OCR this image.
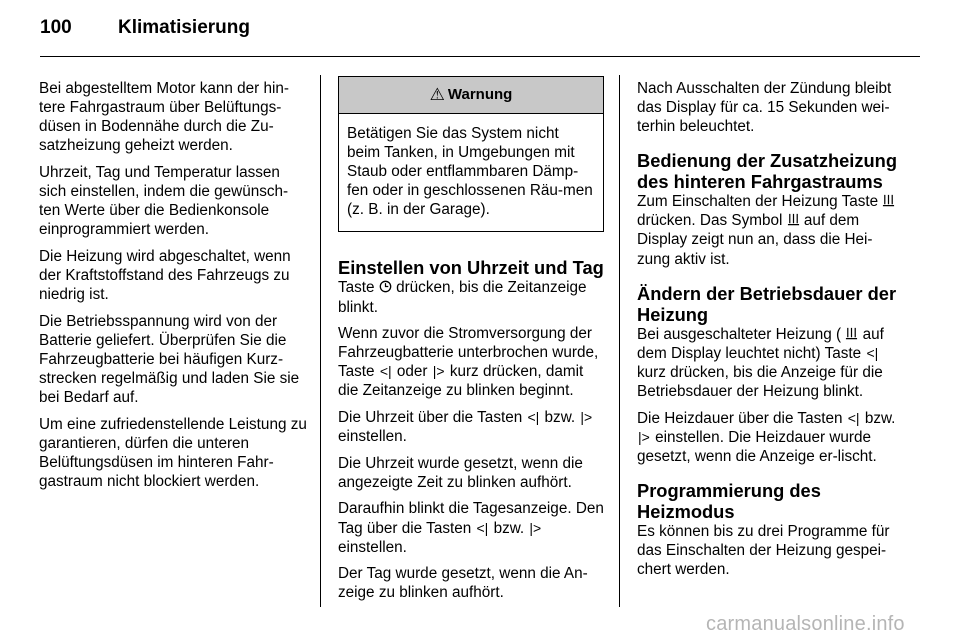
100 Klimatisierung

Bei abgestelltem Motor kann der hin-tere Fahrgastraum über Belüftungs-düsen in Bodennähe durch die Zu-satzheizung geheizt werden.

Uhrzeit, Tag und Temperatur lassen sich einstellen, indem die gewünsch-ten Werte über die Bedienkonsole einprogrammiert werden.

Die Heizung wird abgeschaltet, wenn der Kraftstoffstand des Fahrzeugs zu niedrig ist.

Die Betriebsspannung wird von der Batterie geliefert. Überprüfen Sie die Fahrzeugbatterie bei häufigen Kurz-strecken regelmäßig und laden Sie sie bei Bedarf auf.

Um eine zufriedenstellende Leistung zu garantieren, dürfen die unteren Belüftungsdüsen im hinteren Fahr-gastraum nicht blockiert werden.

⚠ Warnung
Betätigen Sie das System nicht beim Tanken, in Umgebungen mit Staub oder entflammbaren Dämp-fen oder in geschlossenen Räu-men (z. B. in der Garage).
Einstellen von Uhrzeit und Tag

Taste drücken, bis die Zeitanzeige blinkt.

Wenn zuvor die Stromversorgung der Fahrzeugbatterie unterbrochen wurde, Taste <| oder |> kurz drücken, damit die Zeitanzeige zu blinken beginnt.

Die Uhrzeit über die Tasten <| bzw. |> einstellen.

Die Uhrzeit wurde gesetzt, wenn die angezeigte Zeit zu blinken aufhört.

Daraufhin blinkt die Tagesanzeige. Den Tag über die Tasten <| bzw. |> einstellen.

Der Tag wurde gesetzt, wenn die An-zeige zu blinken aufhört.

Nach Ausschalten der Zündung bleibt das Display für ca. 15 Sekunden wei-terhin beleuchtet.

Bedienung der Zusatzheizung des hinteren Fahrgastraums

Zum Einschalten der Heizung Taste  drücken. Das Symbol auf dem Display zeigt nun an, dass die Hei-zung aktiv ist.

Ändern der Betriebsdauer der Heizung

Bei ausgeschalteter Heizung ( auf dem Display leuchtet nicht) Taste <| kurz drücken, bis die Anzeige für die Betriebsdauer der Heizung blinkt.

Die Heizdauer über die Tasten <| bzw. |> einstellen. Die Heizdauer wurde gesetzt, wenn die Anzeige er-lischt.

Programmierung des Heizmodus

Es können bis zu drei Programme für das Einschalten der Heizung gespei-chert werden.

carmanualsonline.info
